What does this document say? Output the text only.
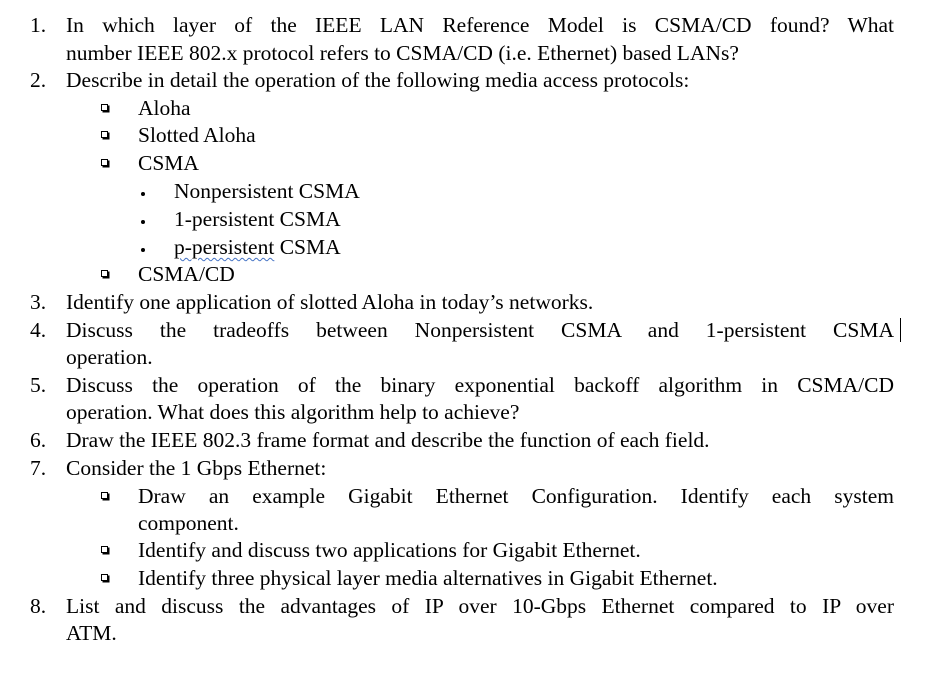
1. In which layer of the IEEE LAN Reference Model is CSMA/CD found? What
number IEEE 802.x protocol refers to CSMA/CD (i.e. Ethernet) based LANs?
2. Describe in detail the operation of the following media access protocols:
Aloha
Slotted Aloha
CSMA
Nonpersistent CSMA
1-persistent CSMA
p-persistent CSMA
CSMA/CD
3. Identify one application of slotted Aloha in today’s networks.
4. Discuss the tradeoffs between Nonpersistent CSMA and 1-persistent CSMA
operation.
5. Discuss the operation of the binary exponential backoff algorithm in CSMA/CD
operation. What does this algorithm help to achieve?
6. Draw the IEEE 802.3 frame format and describe the function of each field.
7. Consider the 1 Gbps Ethernet:
Draw an example Gigabit Ethernet Configuration. Identify each system
component.
Identify and discuss two applications for Gigabit Ethernet.
Identify three physical layer media alternatives in Gigabit Ethernet.
8. List and discuss the advantages of IP over 10-Gbps Ethernet compared to IP over
ATM.
